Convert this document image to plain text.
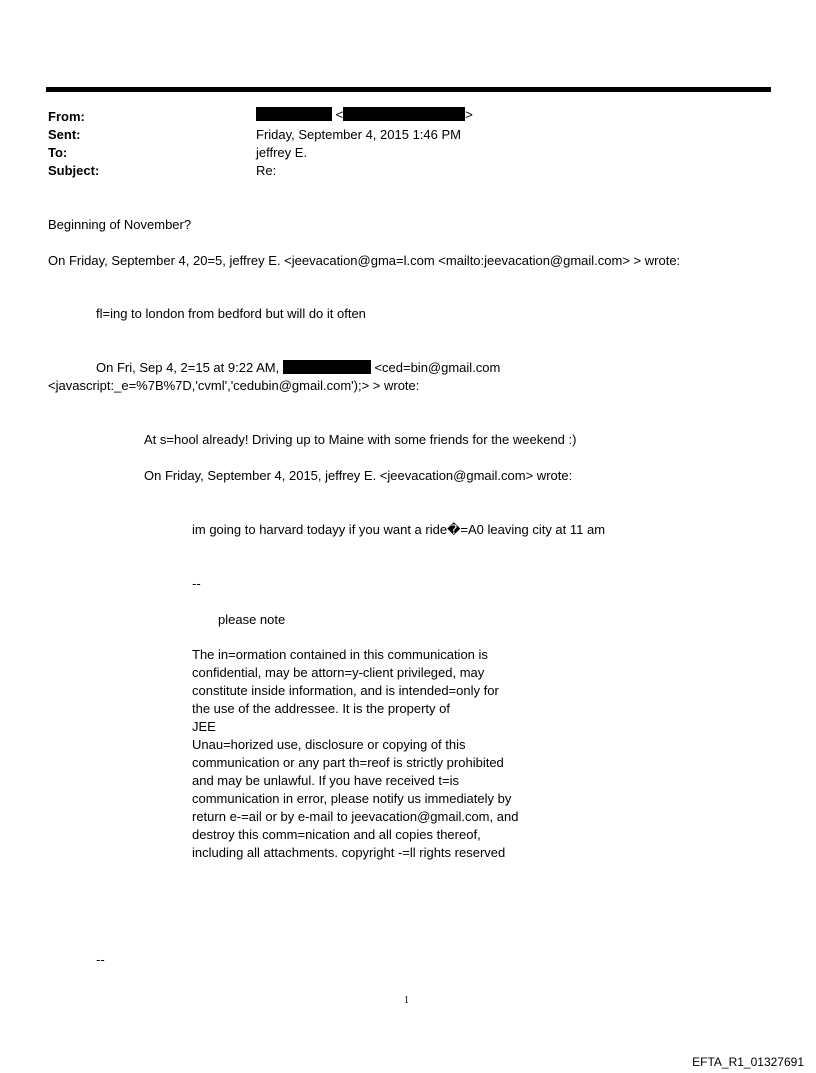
From:
Sent:
To:
Subject:
<	>
Friday, September 4, 2015 1:46 PM
jeffrey E.
Re:
Beginning of November?
On Friday, September 4, 20=5, jeffrey E. <jeevacation@gma=l.com <mailto:jeevacation@gmail.com> > wrote:
fl=ing to london from bedford but will do it often
On Fri, Sep 4, 2=15 at 9:22 AM,	<ced=bin@gmail.com
<javascript:_e=%7B%7D,'cvml','cedubin@gmail.com');> > wrote:
At s=hool already! Driving up to Maine with some friends for the weekend :)
On Friday, September 4, 2015, jeffrey E. <jeevacation@gmail.com> wrote:
im going to harvard todayy if you want a ride�=A0 leaving city at 11 am
--
please note
The in=ormation contained in this communication is
confidential, may be attorn=y-client privileged, may
constitute inside information, and is intended=only for
the use of the addressee. It is the property of
JEE
Unau=horized use, disclosure or copying of this
communication or any part th=reof is strictly prohibited
and may be unlawful. If you have received t=is
communication in error, please notify us immediately by
return e-=ail or by e-mail to jeevacation@gmail.com, and
destroy this comm=nication and all copies thereof,
including all attachments. copyright -=ll rights reserved
--
1
EFTA_R1_01327691
